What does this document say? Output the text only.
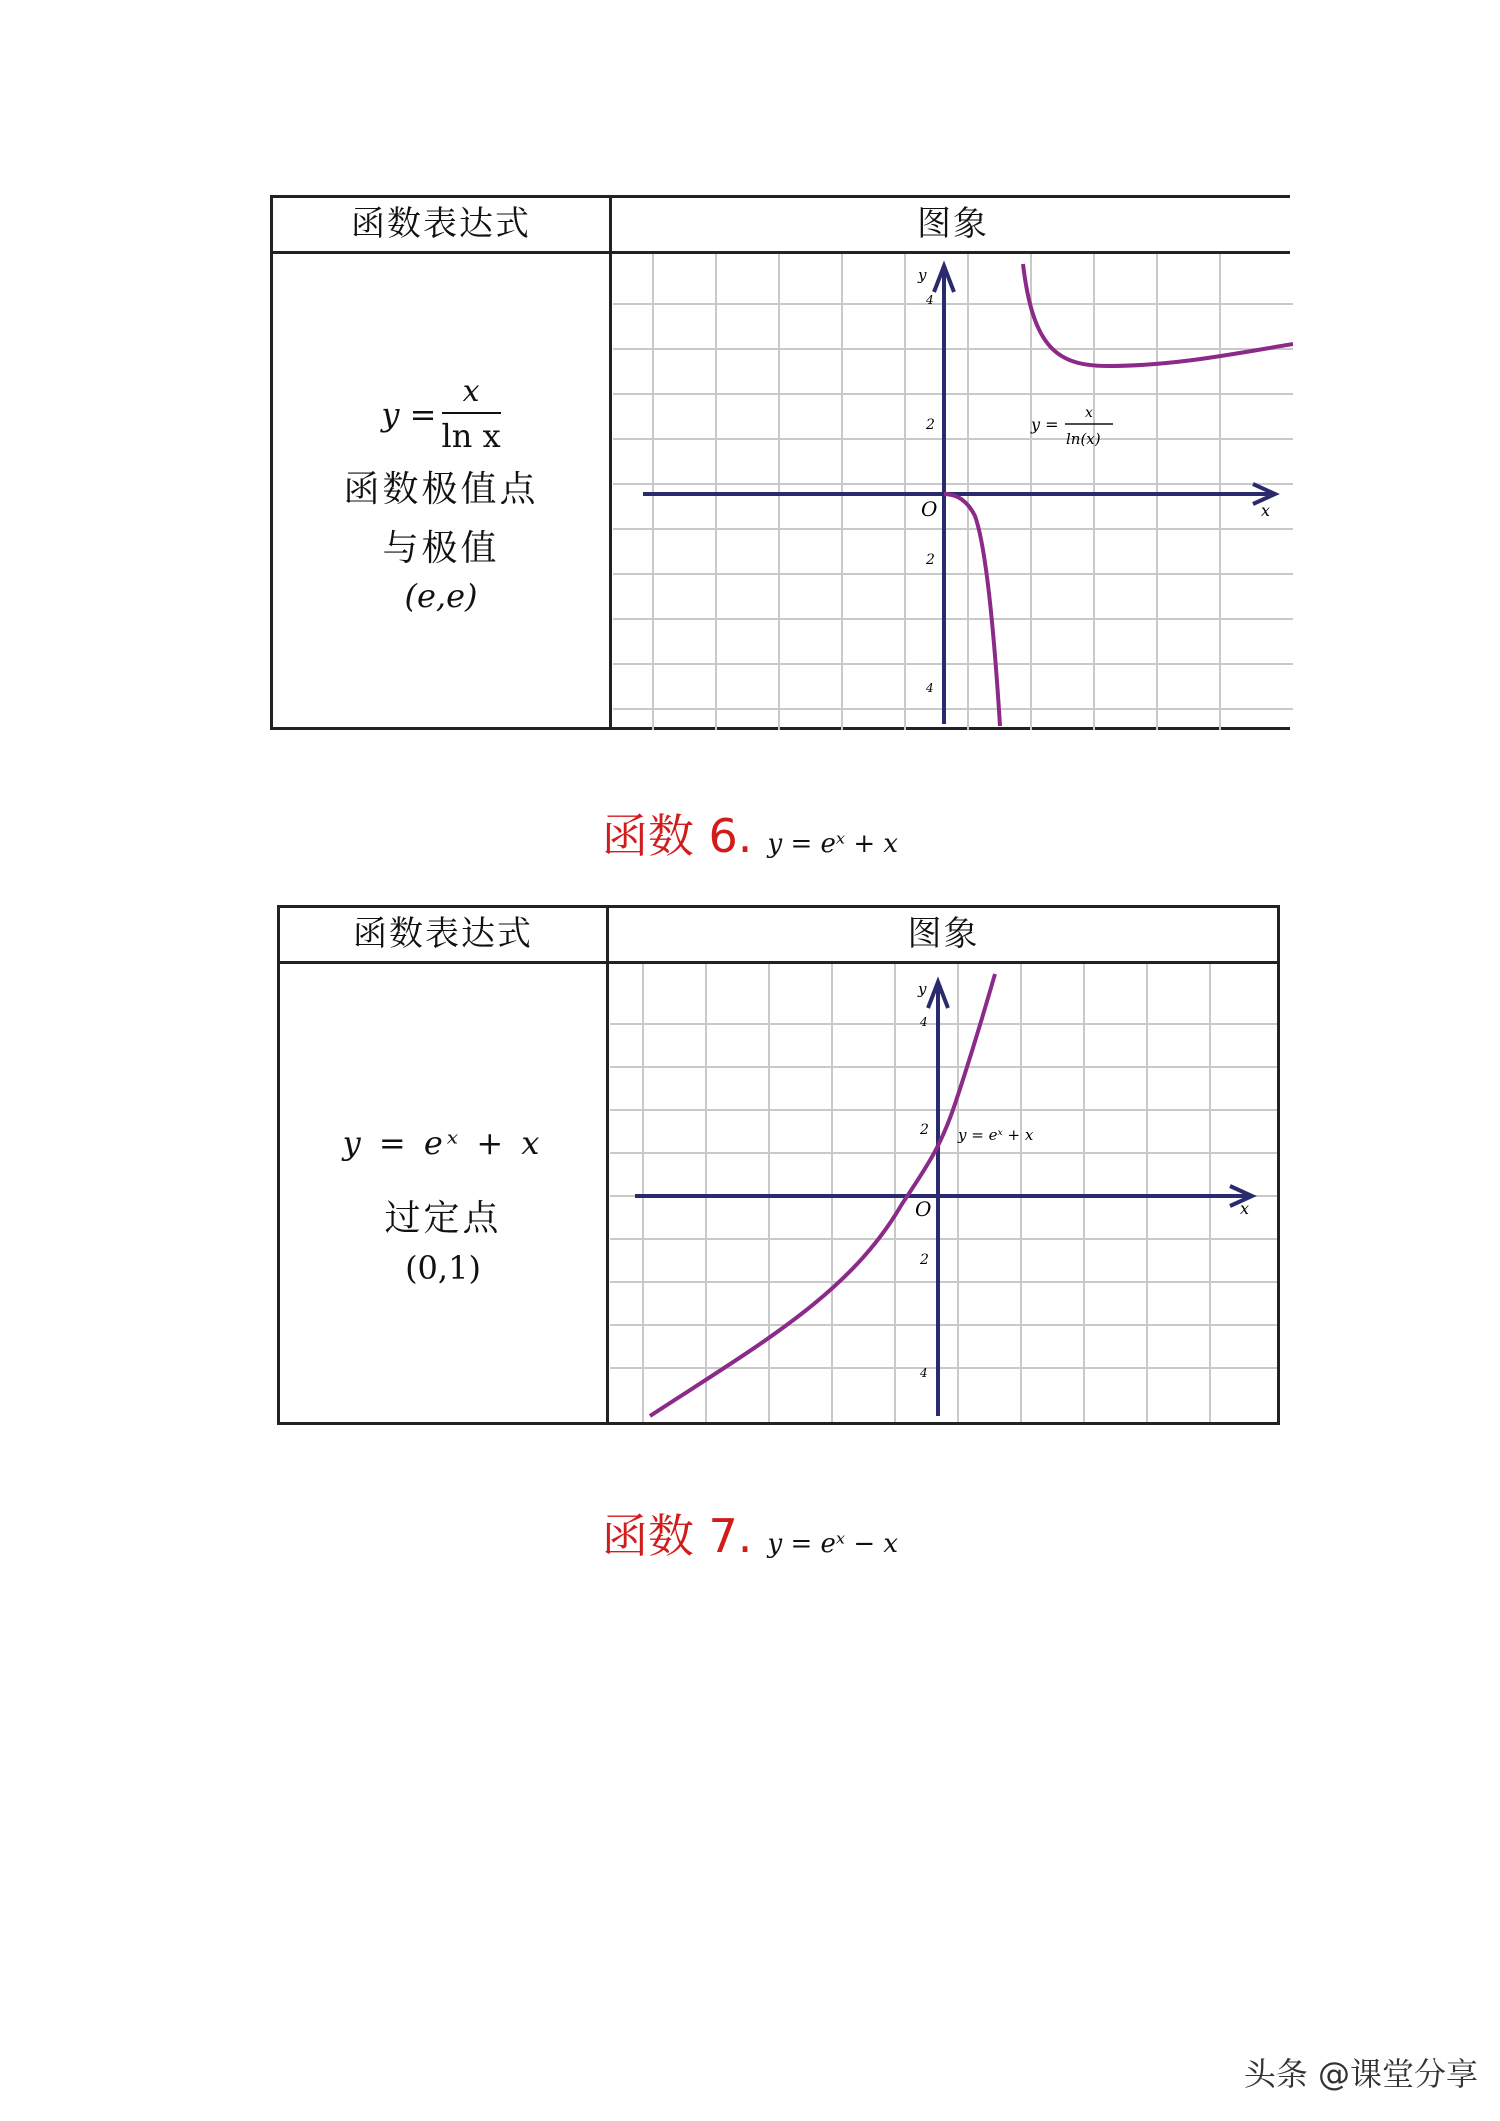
函数表达式	图象
$y = \frac{x}{\text{ln x}}$
函数极值点
与极值
(e,e)
y
x
O
4
2
2
4
y =
x
ln(x)
函数 6. y = eˣ + x
函数表达式	图象
y = eˣ + x
过定点
(0,1)
y
x
O
4
2
2
4
y = eˣ + x
函数 7. y = eˣ − x
头条 @课堂分享
